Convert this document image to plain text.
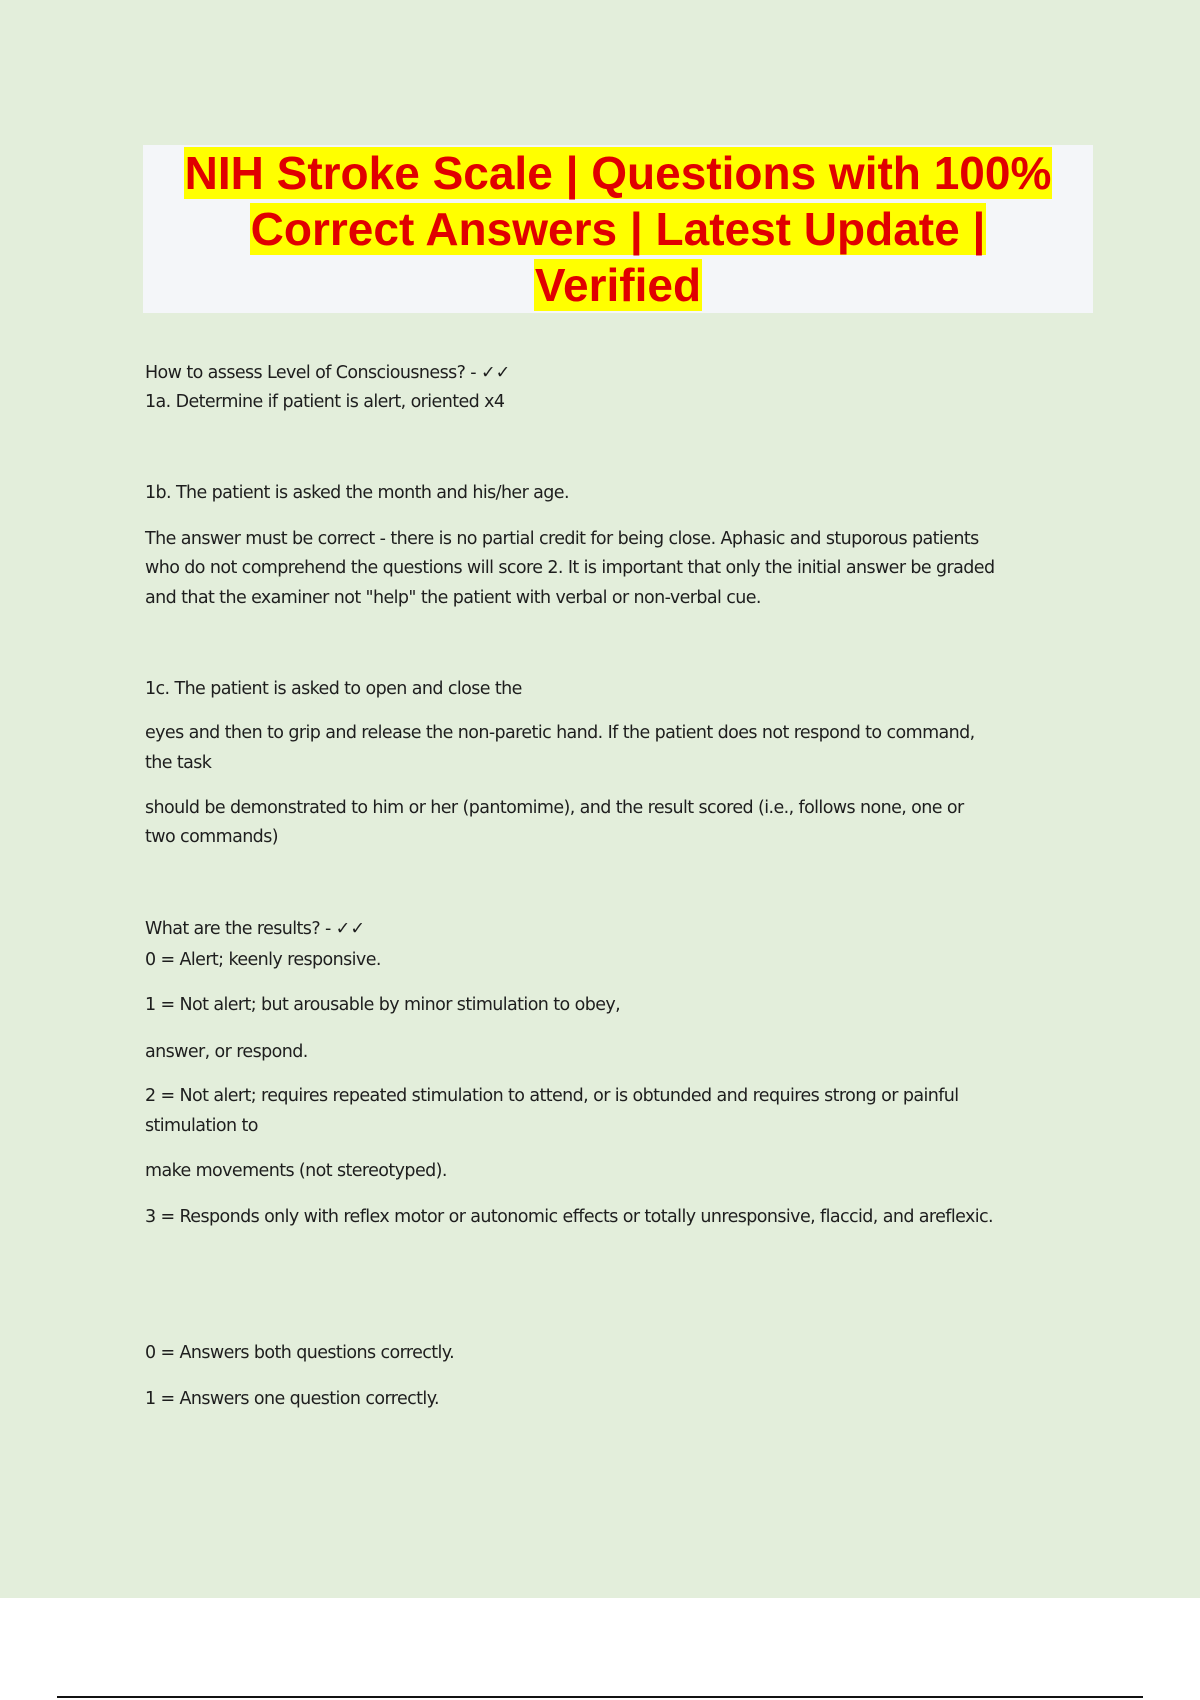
NIH Stroke Scale | Questions with 100%
Correct Answers | Latest Update |
Verified
How to assess Level of Consciousness? - ✓✓
1a. Determine if patient is alert, oriented x4
1b. The patient is asked the month and his/her age.
The answer must be correct - there is no partial credit for being close. Aphasic and stuporous patients
who do not comprehend the questions will score 2. It is important that only the initial answer be graded
and that the examiner not "help" the patient with verbal or non-verbal cue.
1c. The patient is asked to open and close the
eyes and then to grip and release the non-paretic hand. If the patient does not respond to command,
the task
should be demonstrated to him or her (pantomime), and the result scored (i.e., follows none, one or
two commands)
What are the results? - ✓✓
0 = Alert; keenly responsive.
1 = Not alert; but arousable by minor stimulation to obey,
answer, or respond.
2 = Not alert; requires repeated stimulation to attend, or is obtunded and requires strong or painful
stimulation to
make movements (not stereotyped).
3 = Responds only with reflex motor or autonomic effects or totally unresponsive, flaccid, and areflexic.
0 = Answers both questions correctly.
1 = Answers one question correctly.
